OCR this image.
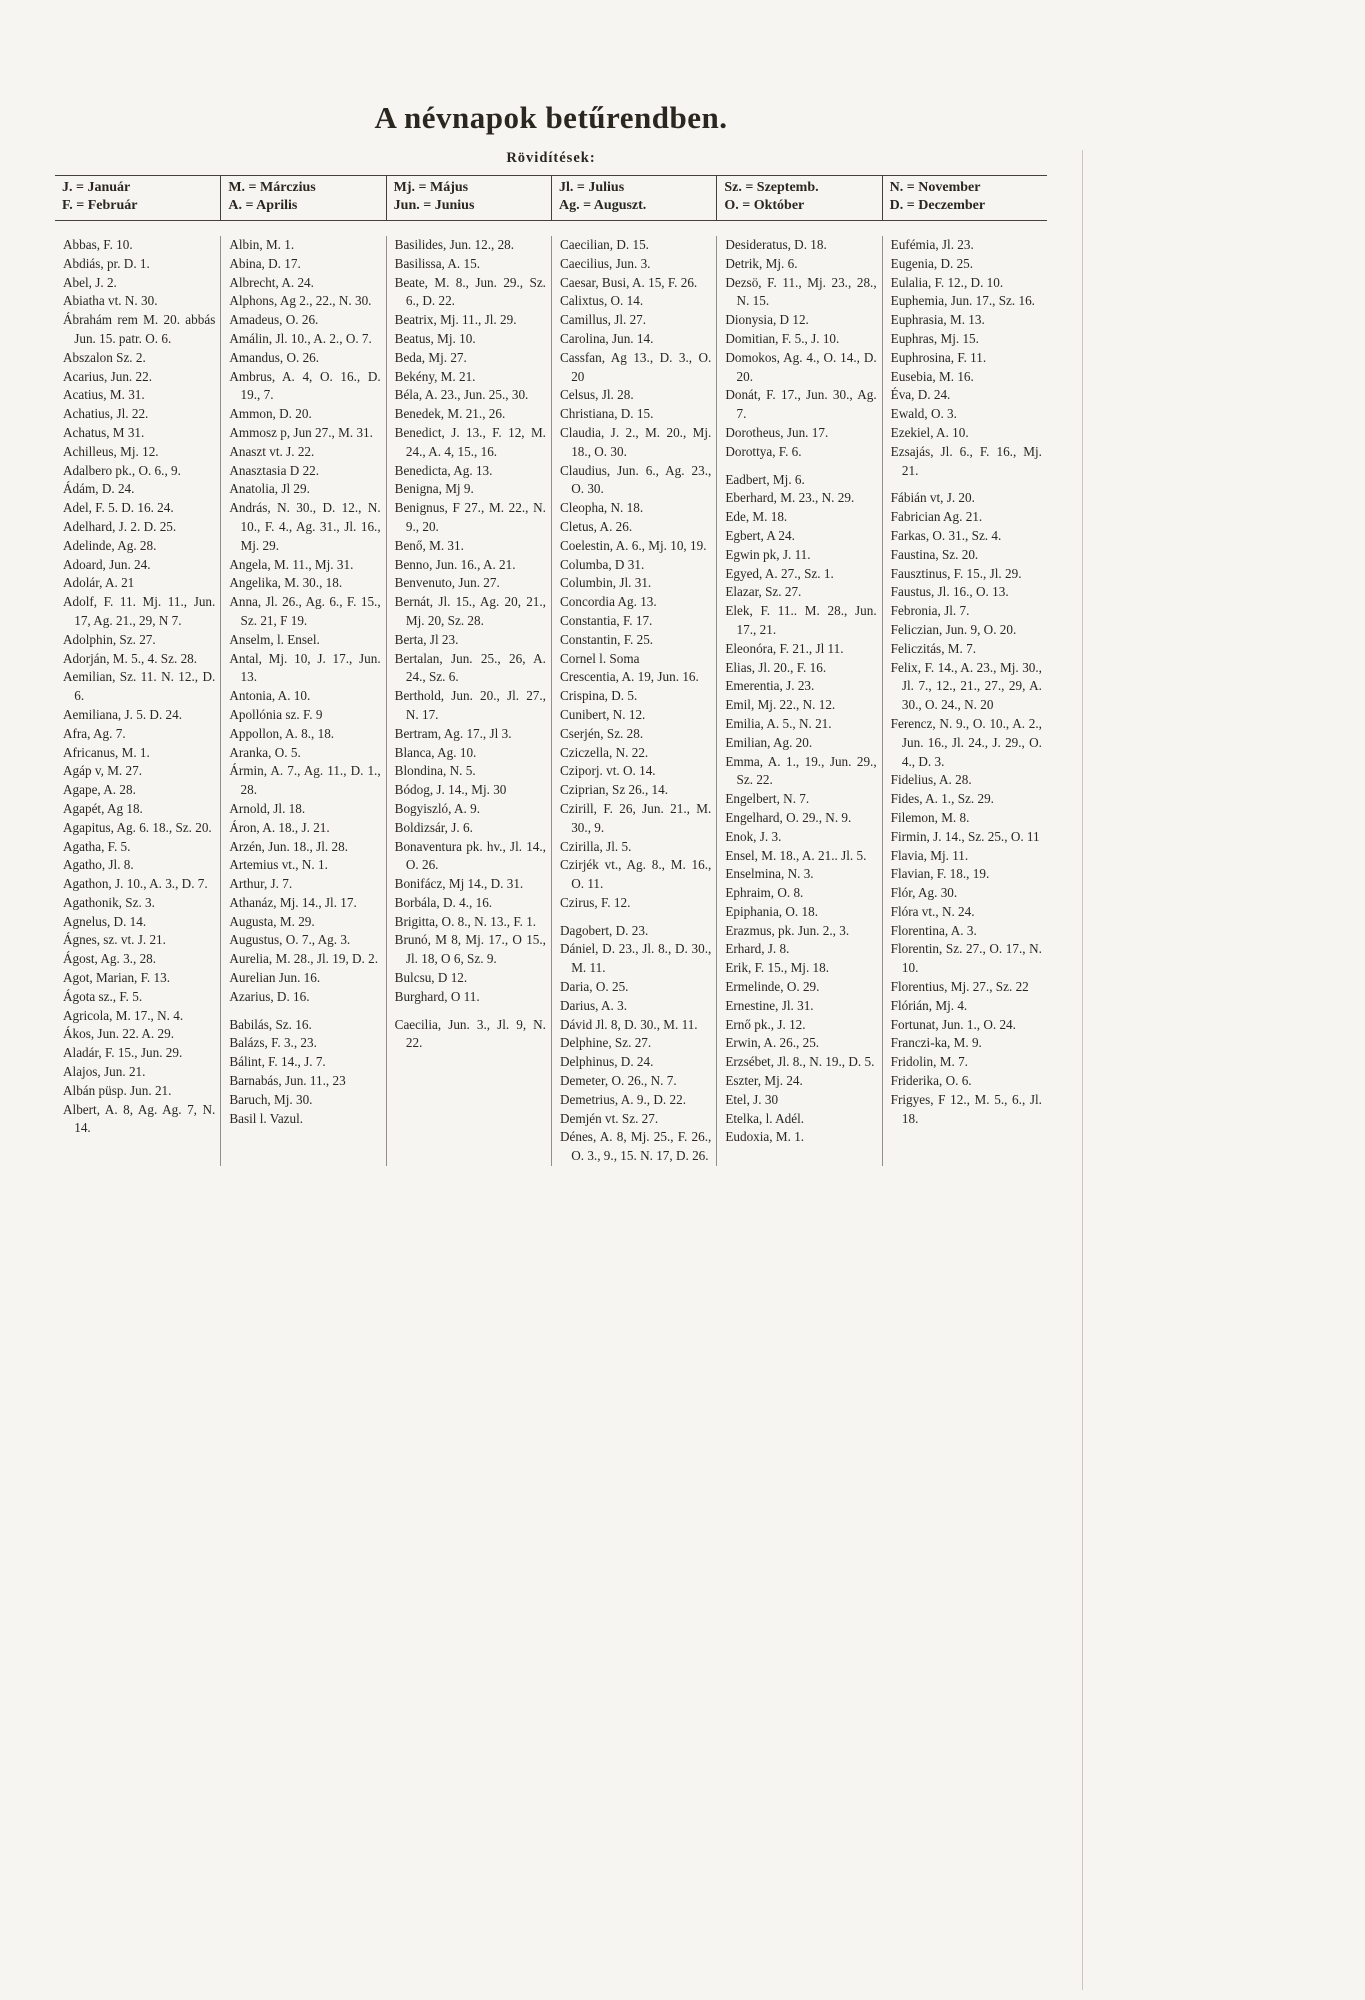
A névnapok betűrendben.
Rövidítések:
J. = Január
F. = Február
M. = Márczius
A. = Aprilis
Mj. = Május
Jun. = Junius
Jl. = Julius
Ag. = Auguszt.
Sz. = Szeptemb.
O. = Október
N. = November
D. = Deczember
Abbas, F. 10.
Abdiás, pr. D. 1.
Abel, J. 2.
Abiatha vt. N. 30.
Ábrahám rem M. 20. abbás Jun. 15. patr. O. 6.
Abszalon Sz. 2.
Acarius, Jun. 22.
Acatius, M. 31.
Achatius, Jl. 22.
Achatus, M 31.
Achilleus, Mj. 12.
Adalbero pk., O. 6., 9.
Ádám, D. 24.
Adel, F. 5. D. 16. 24.
Adelhard, J. 2. D. 25.
Adelinde, Ag. 28.
Adoard, Jun. 24.
Adolár, A. 21
Adolf, F. 11. Mj. 11., Jun. 17, Ag. 21., 29, N 7.
Adolphin, Sz. 27.
Adorján, M. 5., 4. Sz. 28.
Aemilian, Sz. 11. N. 12., D. 6.
Aemiliana, J. 5. D. 24.
Afra, Ag. 7.
Africanus, M. 1.
Agáp v, M. 27.
Agape, A. 28.
Agapét, Ag 18.
Agapitus, Ag. 6. 18., Sz. 20.
Agatha, F. 5.
Agatho, Jl. 8.
Agathon, J. 10., A. 3., D. 7.
Agathonik, Sz. 3.
Agnelus, D. 14.
Ágnes, sz. vt. J. 21.
Ágost, Ag. 3., 28.
Agot, Marian, F. 13.
Ágota sz., F. 5.
Agricola, M. 17., N. 4.
Ákos, Jun. 22. A. 29.
Aladár, F. 15., Jun. 29.
Alajos, Jun. 21.
Albán püsp. Jun. 21.
Albert, A. 8, Ag. Ag. 7, N. 14.
Albin, M. 1.
Abina, D. 17.
Albrecht, A. 24.
Alphons, Ag 2., 22., N. 30.
Amadeus, O. 26.
Amálin, Jl. 10., A. 2., O. 7.
Amandus, O. 26.
Ambrus, A. 4, O. 16., D. 19., 7.
Ammon, D. 20.
Ammosz p, Jun 27., M. 31.
Anaszt vt. J. 22.
Anasztasia D 22.
Anatolia, Jl 29.
András, N. 30., D. 12., N. 10., F. 4., Ag. 31., Jl. 16., Mj. 29.
Angela, M. 11., Mj. 31.
Angelika, M. 30., 18.
Anna, Jl. 26., Ag. 6., F. 15., Sz. 21, F 19.
Anselm, l. Ensel.
Antal, Mj. 10, J. 17., Jun. 13.
Antonia, A. 10.
Apollónia sz. F. 9
Appollon, A. 8., 18.
Aranka, O. 5.
Ármin, A. 7., Ag. 11., D. 1., 28.
Arnold, Jl. 18.
Áron, A. 18., J. 21.
Arzén, Jun. 18., Jl. 28.
Artemius vt., N. 1.
Arthur, J. 7.
Athanáz, Mj. 14., Jl. 17.
Augusta, M. 29.
Augustus, O. 7., Ag. 3.
Aurelia, M. 28., Jl. 19, D. 2.
Aurelian Jun. 16.
Azarius, D. 16.
Babilás, Sz. 16.
Balázs, F. 3., 23.
Bálint, F. 14., J. 7.
Barnabás, Jun. 11., 23
Baruch, Mj. 30.
Basil l. Vazul.
Basilides, Jun. 12., 28.
Basilissa, A. 15.
Beate, M. 8., Jun. 29., Sz. 6., D. 22.
Beatrix, Mj. 11., Jl. 29.
Beatus, Mj. 10.
Beda, Mj. 27.
Bekény, M. 21.
Béla, A. 23., Jun. 25., 30.
Benedek, M. 21., 26.
Benedict, J. 13., F. 12, M. 24., A. 4, 15., 16.
Benedicta, Ag. 13.
Benigna, Mj 9.
Benignus, F 27., M. 22., N. 9., 20.
Benő, M. 31.
Benno, Jun. 16., A. 21.
Benvenuto, Jun. 27.
Bernát, Jl. 15., Ag. 20, 21., Mj. 20, Sz. 28.
Berta, Jl 23.
Bertalan, Jun. 25., 26, A. 24., Sz. 6.
Berthold, Jun. 20., Jl. 27., N. 17.
Bertram, Ag. 17., Jl 3.
Blanca, Ag. 10.
Blondina, N. 5.
Bódog, J. 14., Mj. 30
Bogyiszló, A. 9.
Boldizsár, J. 6.
Bonaventura pk. hv., Jl. 14., O. 26.
Bonifácz, Mj 14., D. 31.
Borbála, D. 4., 16.
Brigitta, O. 8., N. 13., F. 1.
Brunó, M 8, Mj. 17., O 15., Jl. 18, O 6, Sz. 9.
Bulcsu, D 12.
Burghard, O 11.
Caecilia, Jun. 3., Jl. 9, N. 22.
Caecilian, D. 15.
Caecilius, Jun. 3.
Caesar, Busi, A. 15, F. 26.
Calixtus, O. 14.
Camillus, Jl. 27.
Carolina, Jun. 14.
Cassfan, Ag 13., D. 3., O. 20
Celsus, Jl. 28.
Christiana, D. 15.
Claudia, J. 2., M. 20., Mj. 18., O. 30.
Claudius, Jun. 6., Ag. 23., O. 30.
Cleopha, N. 18.
Cletus, A. 26.
Coelestin, A. 6., Mj. 10, 19.
Columba, D 31.
Columbin, Jl. 31.
Concordia Ag. 13.
Constantia, F. 17.
Constantin, F. 25.
Cornel l. Soma
Crescentia, A. 19, Jun. 16.
Crispina, D. 5.
Cunibert, N. 12.
Cserjén, Sz. 28.
Cziczella, N. 22.
Cziporj. vt. O. 14.
Cziprian, Sz 26., 14.
Czirill, F. 26, Jun. 21., M. 30., 9.
Czirilla, Jl. 5.
Czirjék vt., Ag. 8., M. 16., O. 11.
Czirus, F. 12.
Dagobert, D. 23.
Dániel, D. 23., Jl. 8., D. 30., M. 11.
Daria, O. 25.
Darius, A. 3.
Dávid Jl. 8, D. 30., M. 11.
Delphine, Sz. 27.
Delphinus, D. 24.
Demeter, O. 26., N. 7.
Demetrius, A. 9., D. 22.
Demjén vt. Sz. 27.
Dénes, A. 8, Mj. 25., F. 26., O. 3., 9., 15. N. 17, D. 26.
Desideratus, D. 18.
Detrik, Mj. 6.
Dezsö, F. 11., Mj. 23., 28., N. 15.
Dionysia, D 12.
Domitian, F. 5., J. 10.
Domokos, Ag. 4., O. 14., D. 20.
Donát, F. 17., Jun. 30., Ag. 7.
Dorotheus, Jun. 17.
Dorottya, F. 6.
Eadbert, Mj. 6.
Eberhard, M. 23., N. 29.
Ede, M. 18.
Egbert, A 24.
Egwin pk, J. 11.
Egyed, A. 27., Sz. 1.
Elazar, Sz. 27.
Elek, F. 11.. M. 28., Jun. 17., 21.
Eleonóra, F. 21., Jl 11.
Elias, Jl. 20., F. 16.
Emerentia, J. 23.
Emil, Mj. 22., N. 12.
Emilia, A. 5., N. 21.
Emilian, Ag. 20.
Emma, A. 1., 19., Jun. 29., Sz. 22.
Engelbert, N. 7.
Engelhard, O. 29., N. 9.
Enok, J. 3.
Ensel, M. 18., A. 21.. Jl. 5.
Enselmina, N. 3.
Ephraim, O. 8.
Epiphania, O. 18.
Erazmus, pk. Jun. 2., 3.
Erhard, J. 8.
Erik, F. 15., Mj. 18.
Ermelinde, O. 29.
Ernestine, Jl. 31.
Ernő pk., J. 12.
Erwin, A. 26., 25.
Erzsébet, Jl. 8., N. 19., D. 5.
Eszter, Mj. 24.
Etel, J. 30
Etelka, l. Adél.
Eudoxia, M. 1.
Eufémia, Jl. 23.
Eugenia, D. 25.
Eulalia, F. 12., D. 10.
Euphemia, Jun. 17., Sz. 16.
Euphrasia, M. 13.
Euphras, Mj. 15.
Euphrosina, F. 11.
Eusebia, M. 16.
Éva, D. 24.
Ewald, O. 3.
Ezekiel, A. 10.
Ezsajás, Jl. 6., F. 16., Mj. 21.
Fábián vt, J. 20.
Fabrician Ag. 21.
Farkas, O. 31., Sz. 4.
Faustina, Sz. 20.
Fausztinus, F. 15., Jl. 29.
Faustus, Jl. 16., O. 13.
Febronia, Jl. 7.
Feliczian, Jun. 9, O. 20.
Feliczitás, M. 7.
Felix, F. 14., A. 23., Mj. 30., Jl. 7., 12., 21., 27., 29, A. 30., O. 24., N. 20
Ferencz, N. 9., O. 10., A. 2., Jun. 16., Jl. 24., J. 29., O. 4., D. 3.
Fidelius, A. 28.
Fides, A. 1., Sz. 29.
Filemon, M. 8.
Firmin, J. 14., Sz. 25., O. 11
Flavia, Mj. 11.
Flavian, F. 18., 19.
Flór, Ag. 30.
Flóra vt., N. 24.
Florentina, A. 3.
Florentin, Sz. 27., O. 17., N. 10.
Florentius, Mj. 27., Sz. 22
Flórián, Mj. 4.
Fortunat, Jun. 1., O. 24.
Franczi-ka, M. 9.
Fridolin, M. 7.
Friderika, O. 6.
Frigyes, F 12., M. 5., 6., Jl. 18.
